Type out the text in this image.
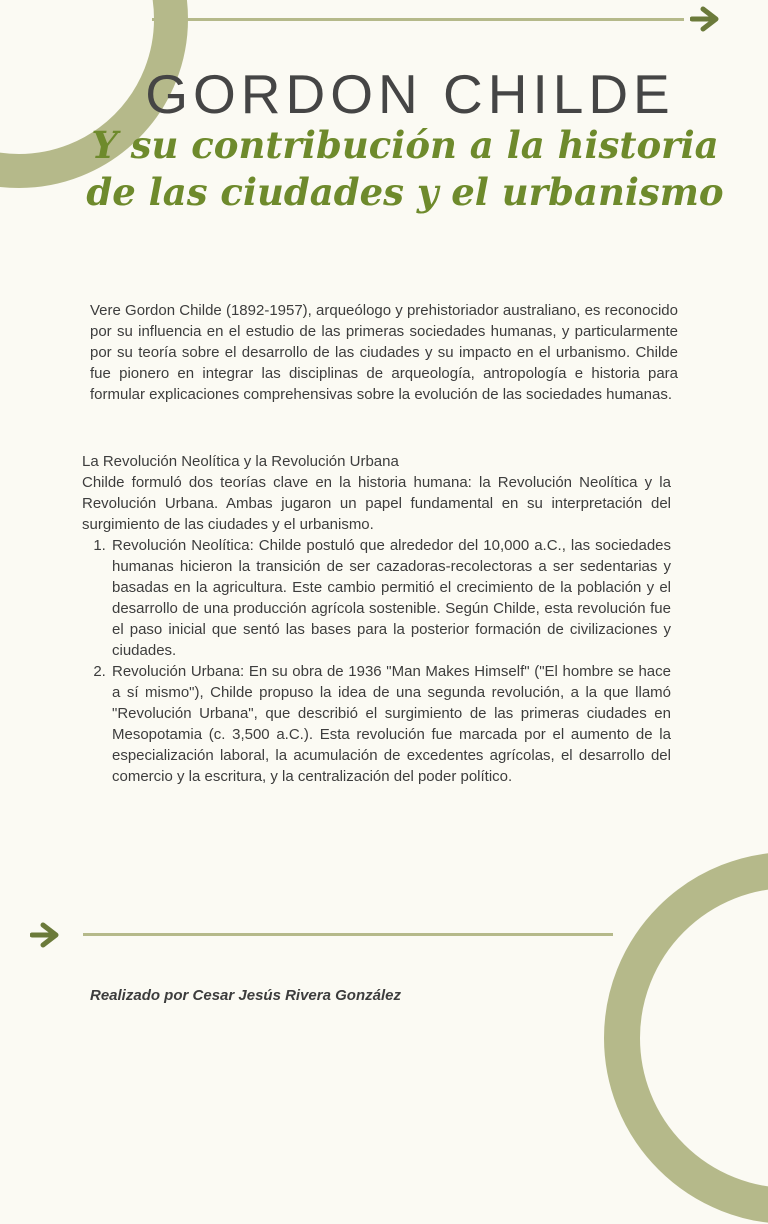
GORDON CHILDE
Y su contribución a la historia de las ciudades y el urbanismo

Vere Gordon Childe (1892-1957), arqueólogo y prehistoriador australiano, es reconocido por su influencia en el estudio de las primeras sociedades humanas, y particularmente por su teoría sobre el desarrollo de las ciudades y su impacto en el urbanismo. Childe fue pionero en integrar las disciplinas de arqueología, antropología e historia para formular explicaciones comprehensivas sobre la evolución de las sociedades humanas.

La Revolución Neolítica y la Revolución Urbana

Childe formuló dos teorías clave en la historia humana: la Revolución Neolítica y la Revolución Urbana. Ambas jugaron un papel fundamental en su interpretación del surgimiento de las ciudades y el urbanismo.

1. Revolución Neolítica: Childe postuló que alrededor del 10,000 a.C., las sociedades humanas hicieron la transición de ser cazadoras-recolectoras a ser sedentarias y basadas en la agricultura. Este cambio permitió el crecimiento de la población y el desarrollo de una producción agrícola sostenible. Según Childe, esta revolución fue el paso inicial que sentó las bases para la posterior formación de civilizaciones y ciudades.
2. Revolución Urbana: En su obra de 1936 "Man Makes Himself" ("El hombre se hace a sí mismo"), Childe propuso la idea de una segunda revolución, a la que llamó "Revolución Urbana", que describió el surgimiento de las primeras ciudades en Mesopotamia (c. 3,500 a.C.). Esta revolución fue marcada por el aumento de la especialización laboral, la acumulación de excedentes agrícolas, el desarrollo del comercio y la escritura, y la centralización del poder político.
Realizado por Cesar Jesús Rivera González
